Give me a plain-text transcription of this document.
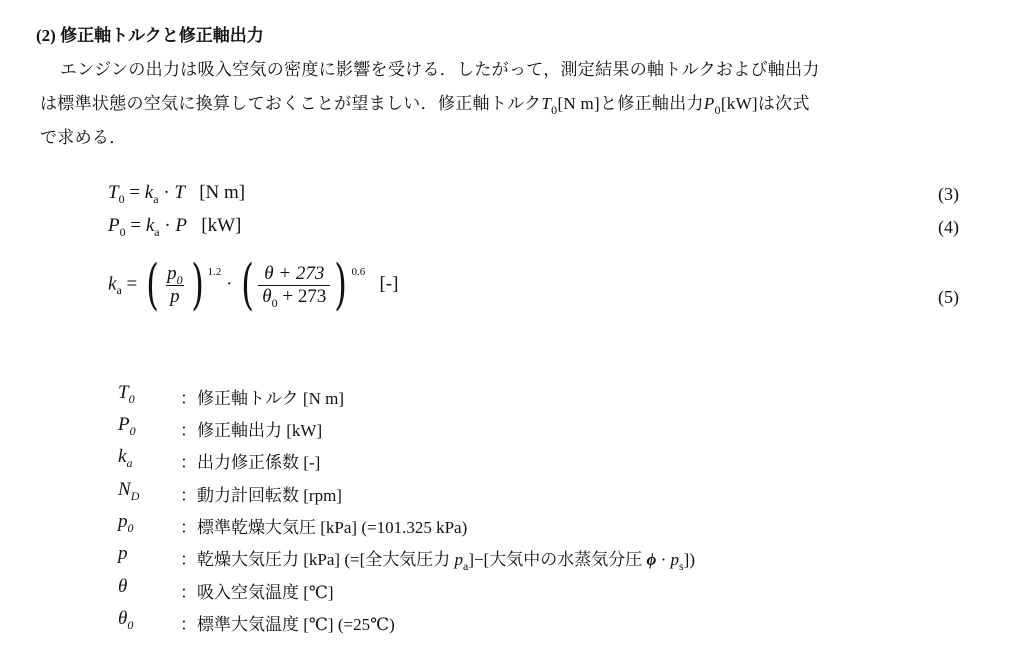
(2) 修正軸トルクと修正軸出力
エンジンの出力は吸入空気の密度に影響を受ける．したがって，測定結果の軸トルクおよび軸出力
は標準状態の空気に換算しておくことが望ましい．修正軸トルク$T_0[N$ m]と修正軸出力$P_0[kW]$は次式
で求める．
$T_0 = k_a \cdot T$ [N m]	(3)
$P_0 = k_a \cdot P$ [kW]	(4)
$k_a$ = ( $\frac{p_0}{p}$ ) $^{1.2}$ · ( $\frac{\theta + 273}{\theta_0 + 273}$ ) $^{0.6}$   [-]
(5)
$T_0$	：修正軸トルク [N m]
$P_0$	：修正軸出力 [kW]
$k_a$	：出力修正係数 [-]
$N_D$	：動力計回転数 [rpm]
$p_0$	：標準乾燥大気圧 [kPa] (=101.325 kPa)
p	：乾燥大気圧力 [kPa] (=[全大気圧力 $p_a]-$[大気中の水蒸気分圧 $\phi \cdot p_s$])
θ	：吸入空気温度 [℃]
$\theta_0$	：標準大気温度 [℃] (=25℃)
